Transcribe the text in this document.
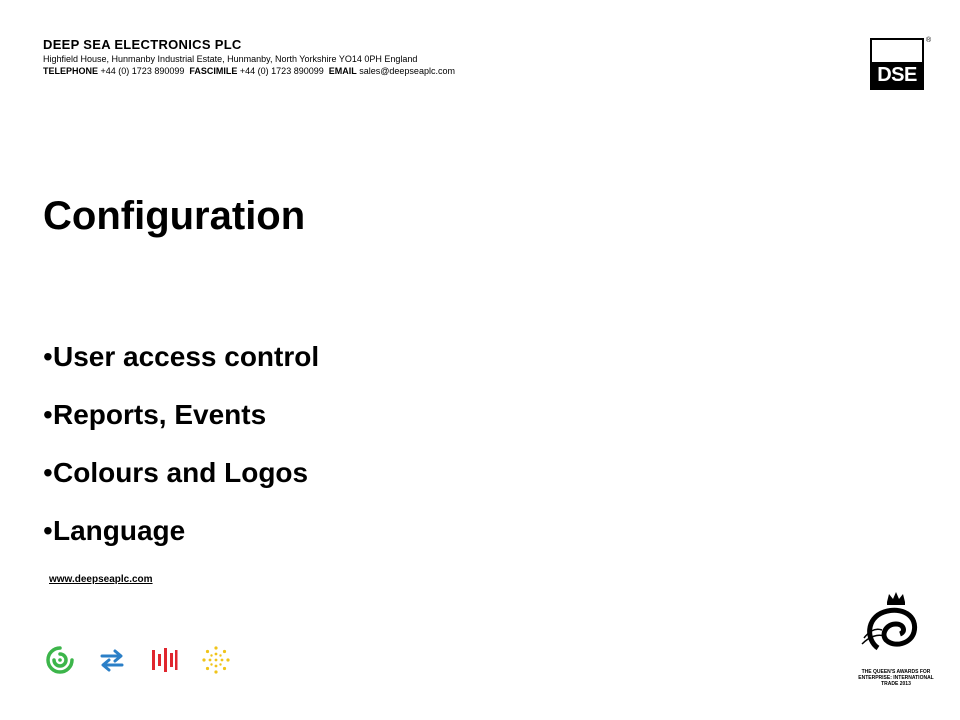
DEEP SEA ELECTRONICS PLC
Highfield House, Hunmanby Industrial Estate, Hunmanby, North Yorkshire YO14 0PH England
TELEPHONE +44 (0) 1723 890099 FASCIMILE +44 (0) 1723 890099 EMAIL sales@deepseaplc.com	DSE
®
Configuration
•User access control
•Reports, Events
•Colours and Logos
•Language
www.deepseaplc.com
THE QUEEN'S AWARDS FOR ENTERPRISE: INTERNATIONAL TRADE 2013
